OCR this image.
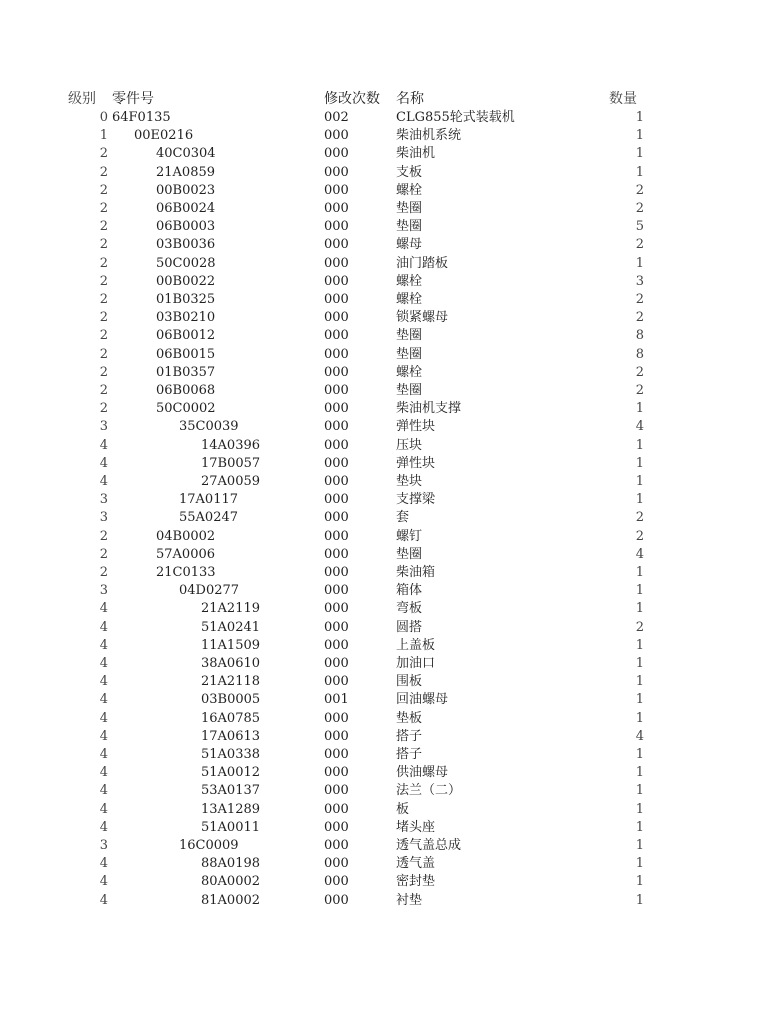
级别 零件号	修改次数 名称	数量
0 64F0135	002	CLG855轮式装载机	1
1 00E0216	000	柴油机系统	1
2	40C0304	000	柴油机	1
2	21A0859	000	支板	1
2	00B0023	000	螺栓	2
2	06B0024	000	垫圈	2
2	06B0003	000	垫圈	5
2	03B0036	000	螺母	2
2	50C0028	000	油门踏板	1
2	00B0022	000	螺栓	3
2	01B0325	000	螺栓	2
2	03B0210	000	锁紧螺母	2
2	06B0012	000	垫圈	8
2	06B0015	000	垫圈	8
2	01B0357	000	螺栓	2
2	06B0068	000	垫圈	2
2	50C0002	000	柴油机支撑	1
3	35C0039	000	弹性块	4
4	14A0396	000	压块	1
4	17B0057	000	弹性块	1
4	27A0059	000	垫块	1
3	17A0117	000	支撑梁	1
3	55A0247	000	套	2
2	04B0002	000	螺钉	2
2	57A0006	000	垫圈	4
2	21C0133	000	柴油箱	1
3	04D0277	000	箱体	1
4	21A2119	000	弯板	1
4	51A0241	000	圆搭	2
4	11A1509	000	上盖板	1
4	38A0610	000	加油口	1
4	21A2118	000	围板	1
4	03B0005	001	回油螺母	1
4	16A0785	000	垫板	1
4	17A0613	000	搭子	4
4	51A0338	000	搭子	1
4	51A0012	000	供油螺母	1
4	53A0137	000	法兰（二）	1
4	13A1289	000	板	1
4	51A0011	000	堵头座	1
3	16C0009	000	透气盖总成	1
4	88A0198	000	透气盖	1
4	80A0002	000	密封垫	1
4	81A0002	000	衬垫	1
